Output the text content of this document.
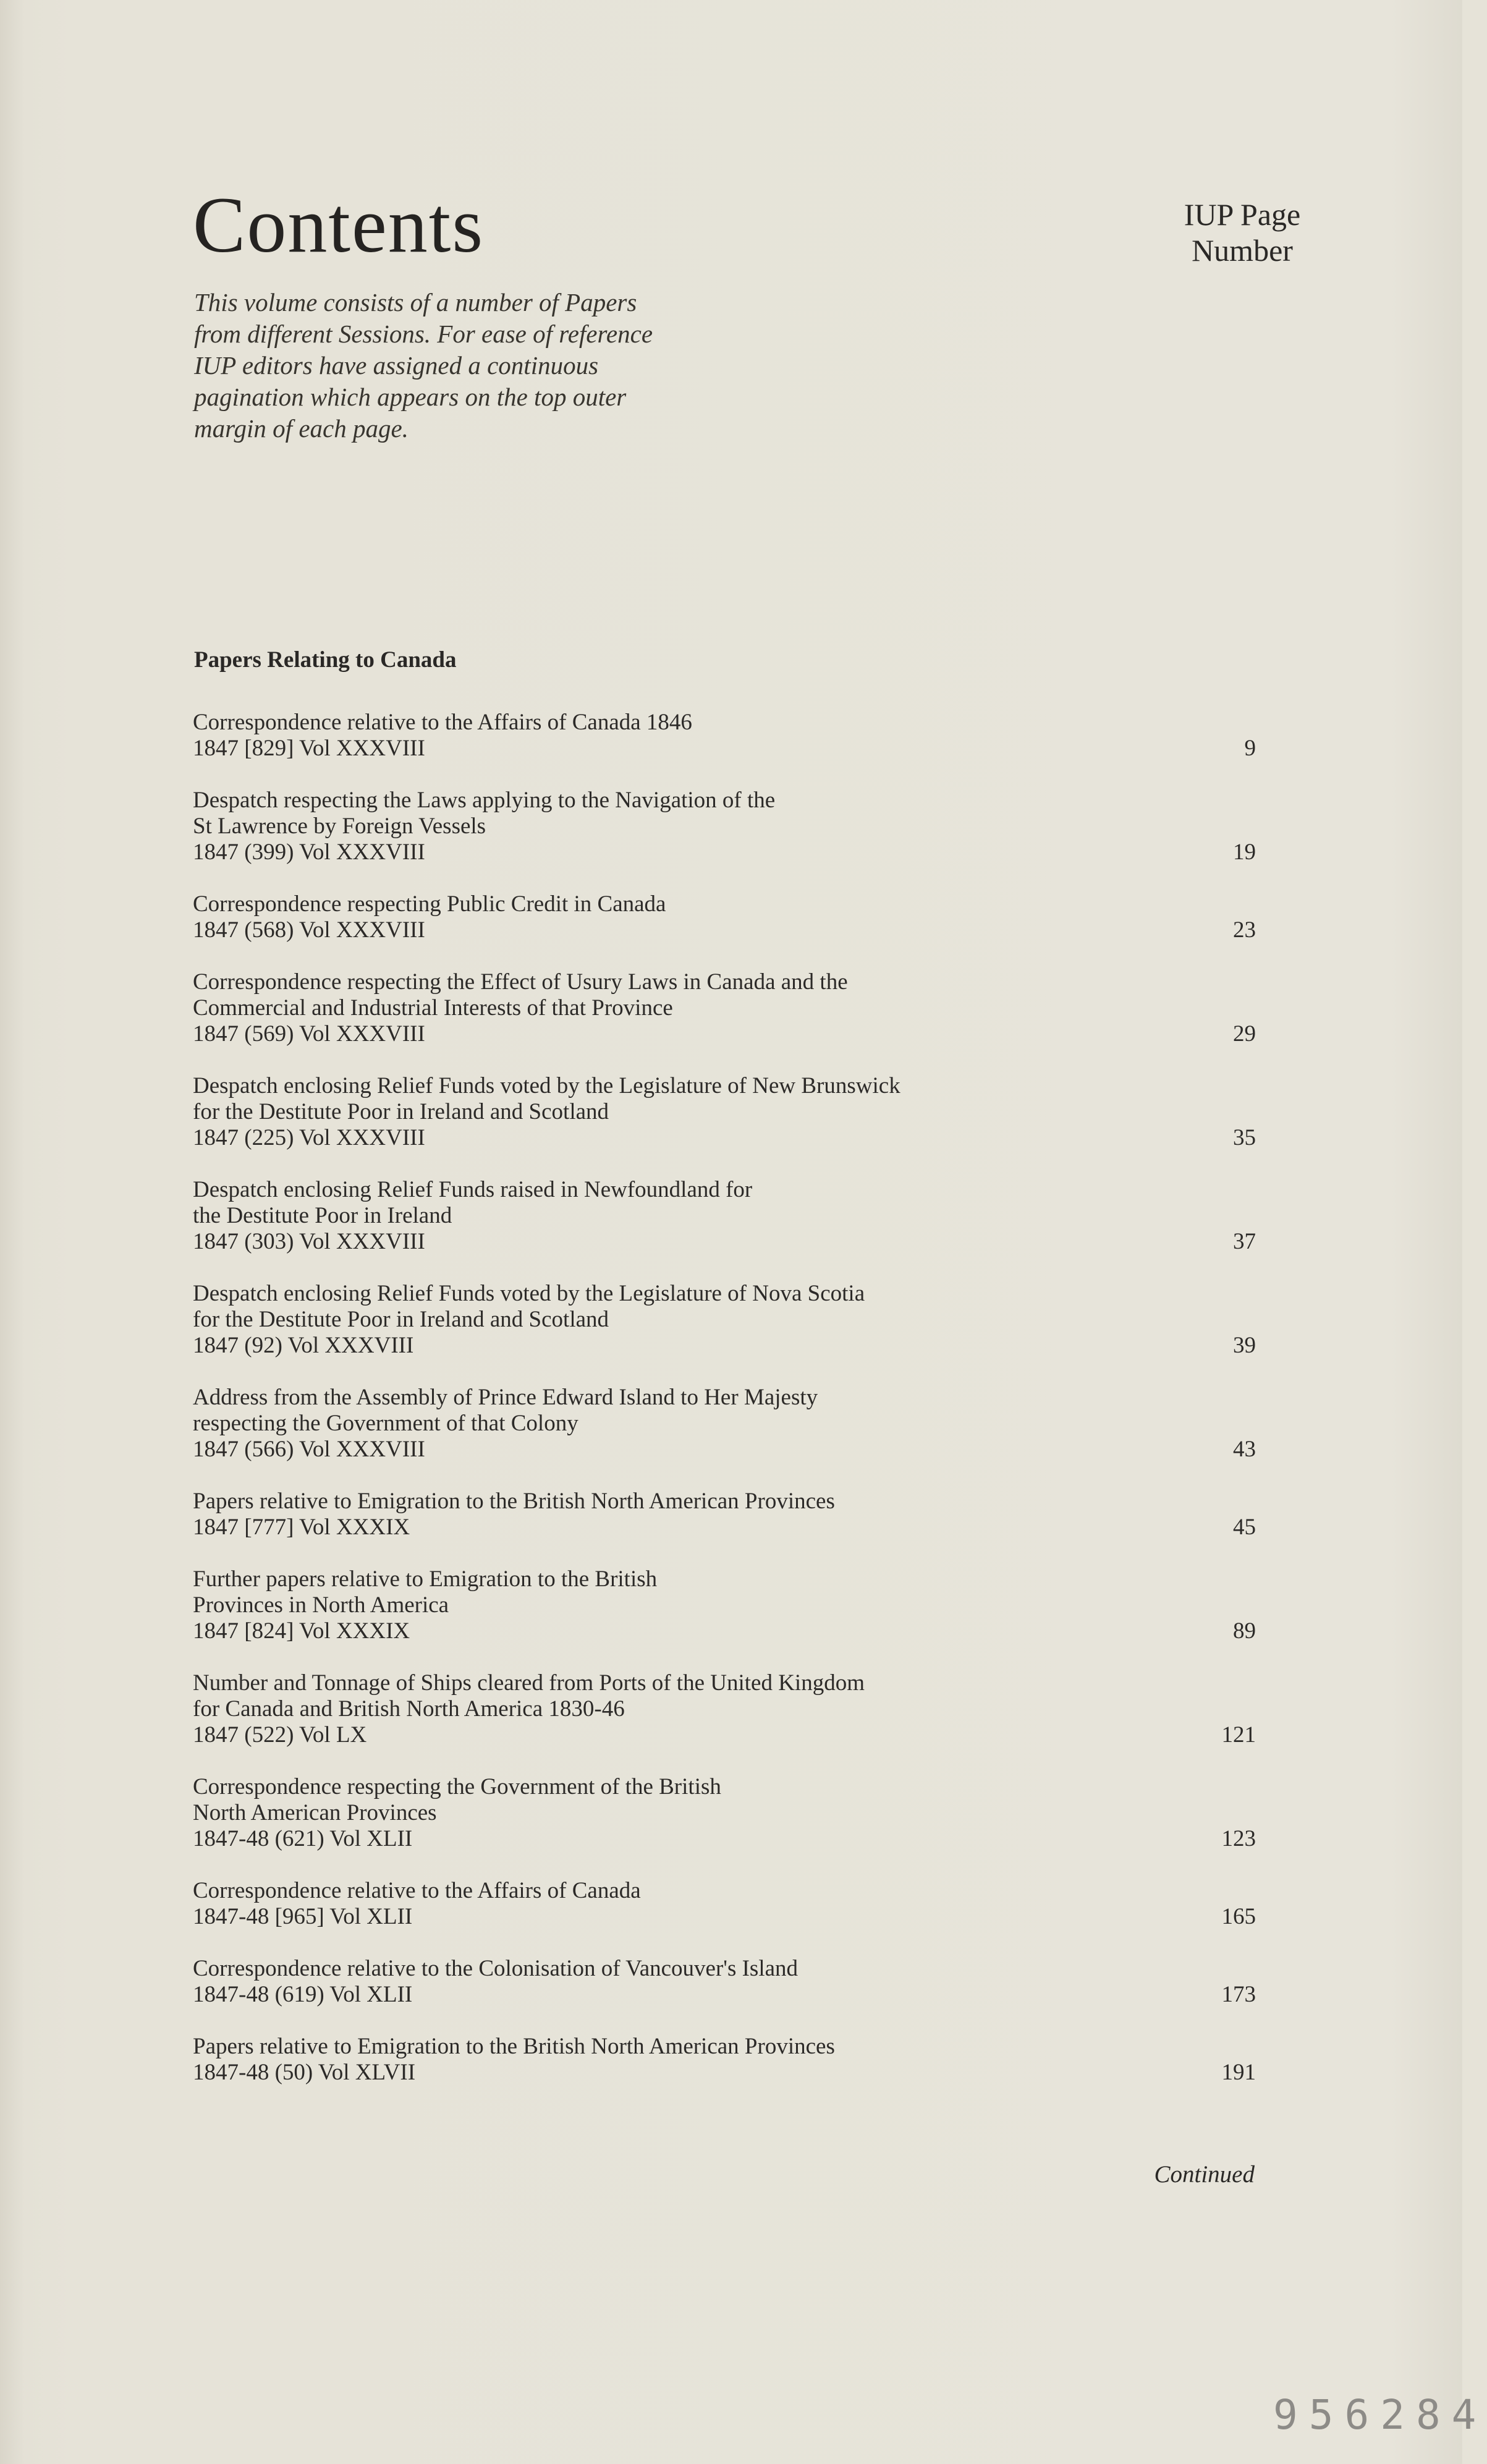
Contents	IUP Page
Number

This volume consists of a number of Papers
from different Sessions. For ease of reference
IUP editors have assigned a continuous
pagination which appears on the top outer
margin of each page.

Papers Relating to Canada
Correspondence relative to the Affairs of Canada 1846
1847 [829] Vol XXXVIII	9
Despatch respecting the Laws applying to the Navigation of the
St Lawrence by Foreign Vessels
1847 (399) Vol XXXVIII	19
Correspondence respecting Public Credit in Canada
1847 (568) Vol XXXVIII	23
Correspondence respecting the Effect of Usury Laws in Canada and the
Commercial and Industrial Interests of that Province
1847 (569) Vol XXXVIII	29
Despatch enclosing Relief Funds voted by the Legislature of New Brunswick
for the Destitute Poor in Ireland and Scotland
1847 (225) Vol XXXVIII	35
Despatch enclosing Relief Funds raised in Newfoundland for
the Destitute Poor in Ireland
1847 (303) Vol XXXVIII	37
Despatch enclosing Relief Funds voted by the Legislature of Nova Scotia
for the Destitute Poor in Ireland and Scotland
1847 (92) Vol XXXVIII	39
Address from the Assembly of Prince Edward Island to Her Majesty
respecting the Government of that Colony
1847 (566) Vol XXXVIII	43
Papers relative to Emigration to the British North American Provinces
1847 [777] Vol XXXIX	45
Further papers relative to Emigration to the British
Provinces in North America
1847 [824] Vol XXXIX	89
Number and Tonnage of Ships cleared from Ports of the United Kingdom
for Canada and British North America 1830-46
1847 (522) Vol LX	121
Correspondence respecting the Government of the British
North American Provinces
1847-48 (621) Vol XLII	123
Correspondence relative to the Affairs of Canada
1847-48 [965] Vol XLII	165
Correspondence relative to the Colonisation of Vancouver's Island
1847-48 (619) Vol XLII	173
Papers relative to Emigration to the British North American Provinces
1847-48 (50) Vol XLVII	191
Continued
956284
